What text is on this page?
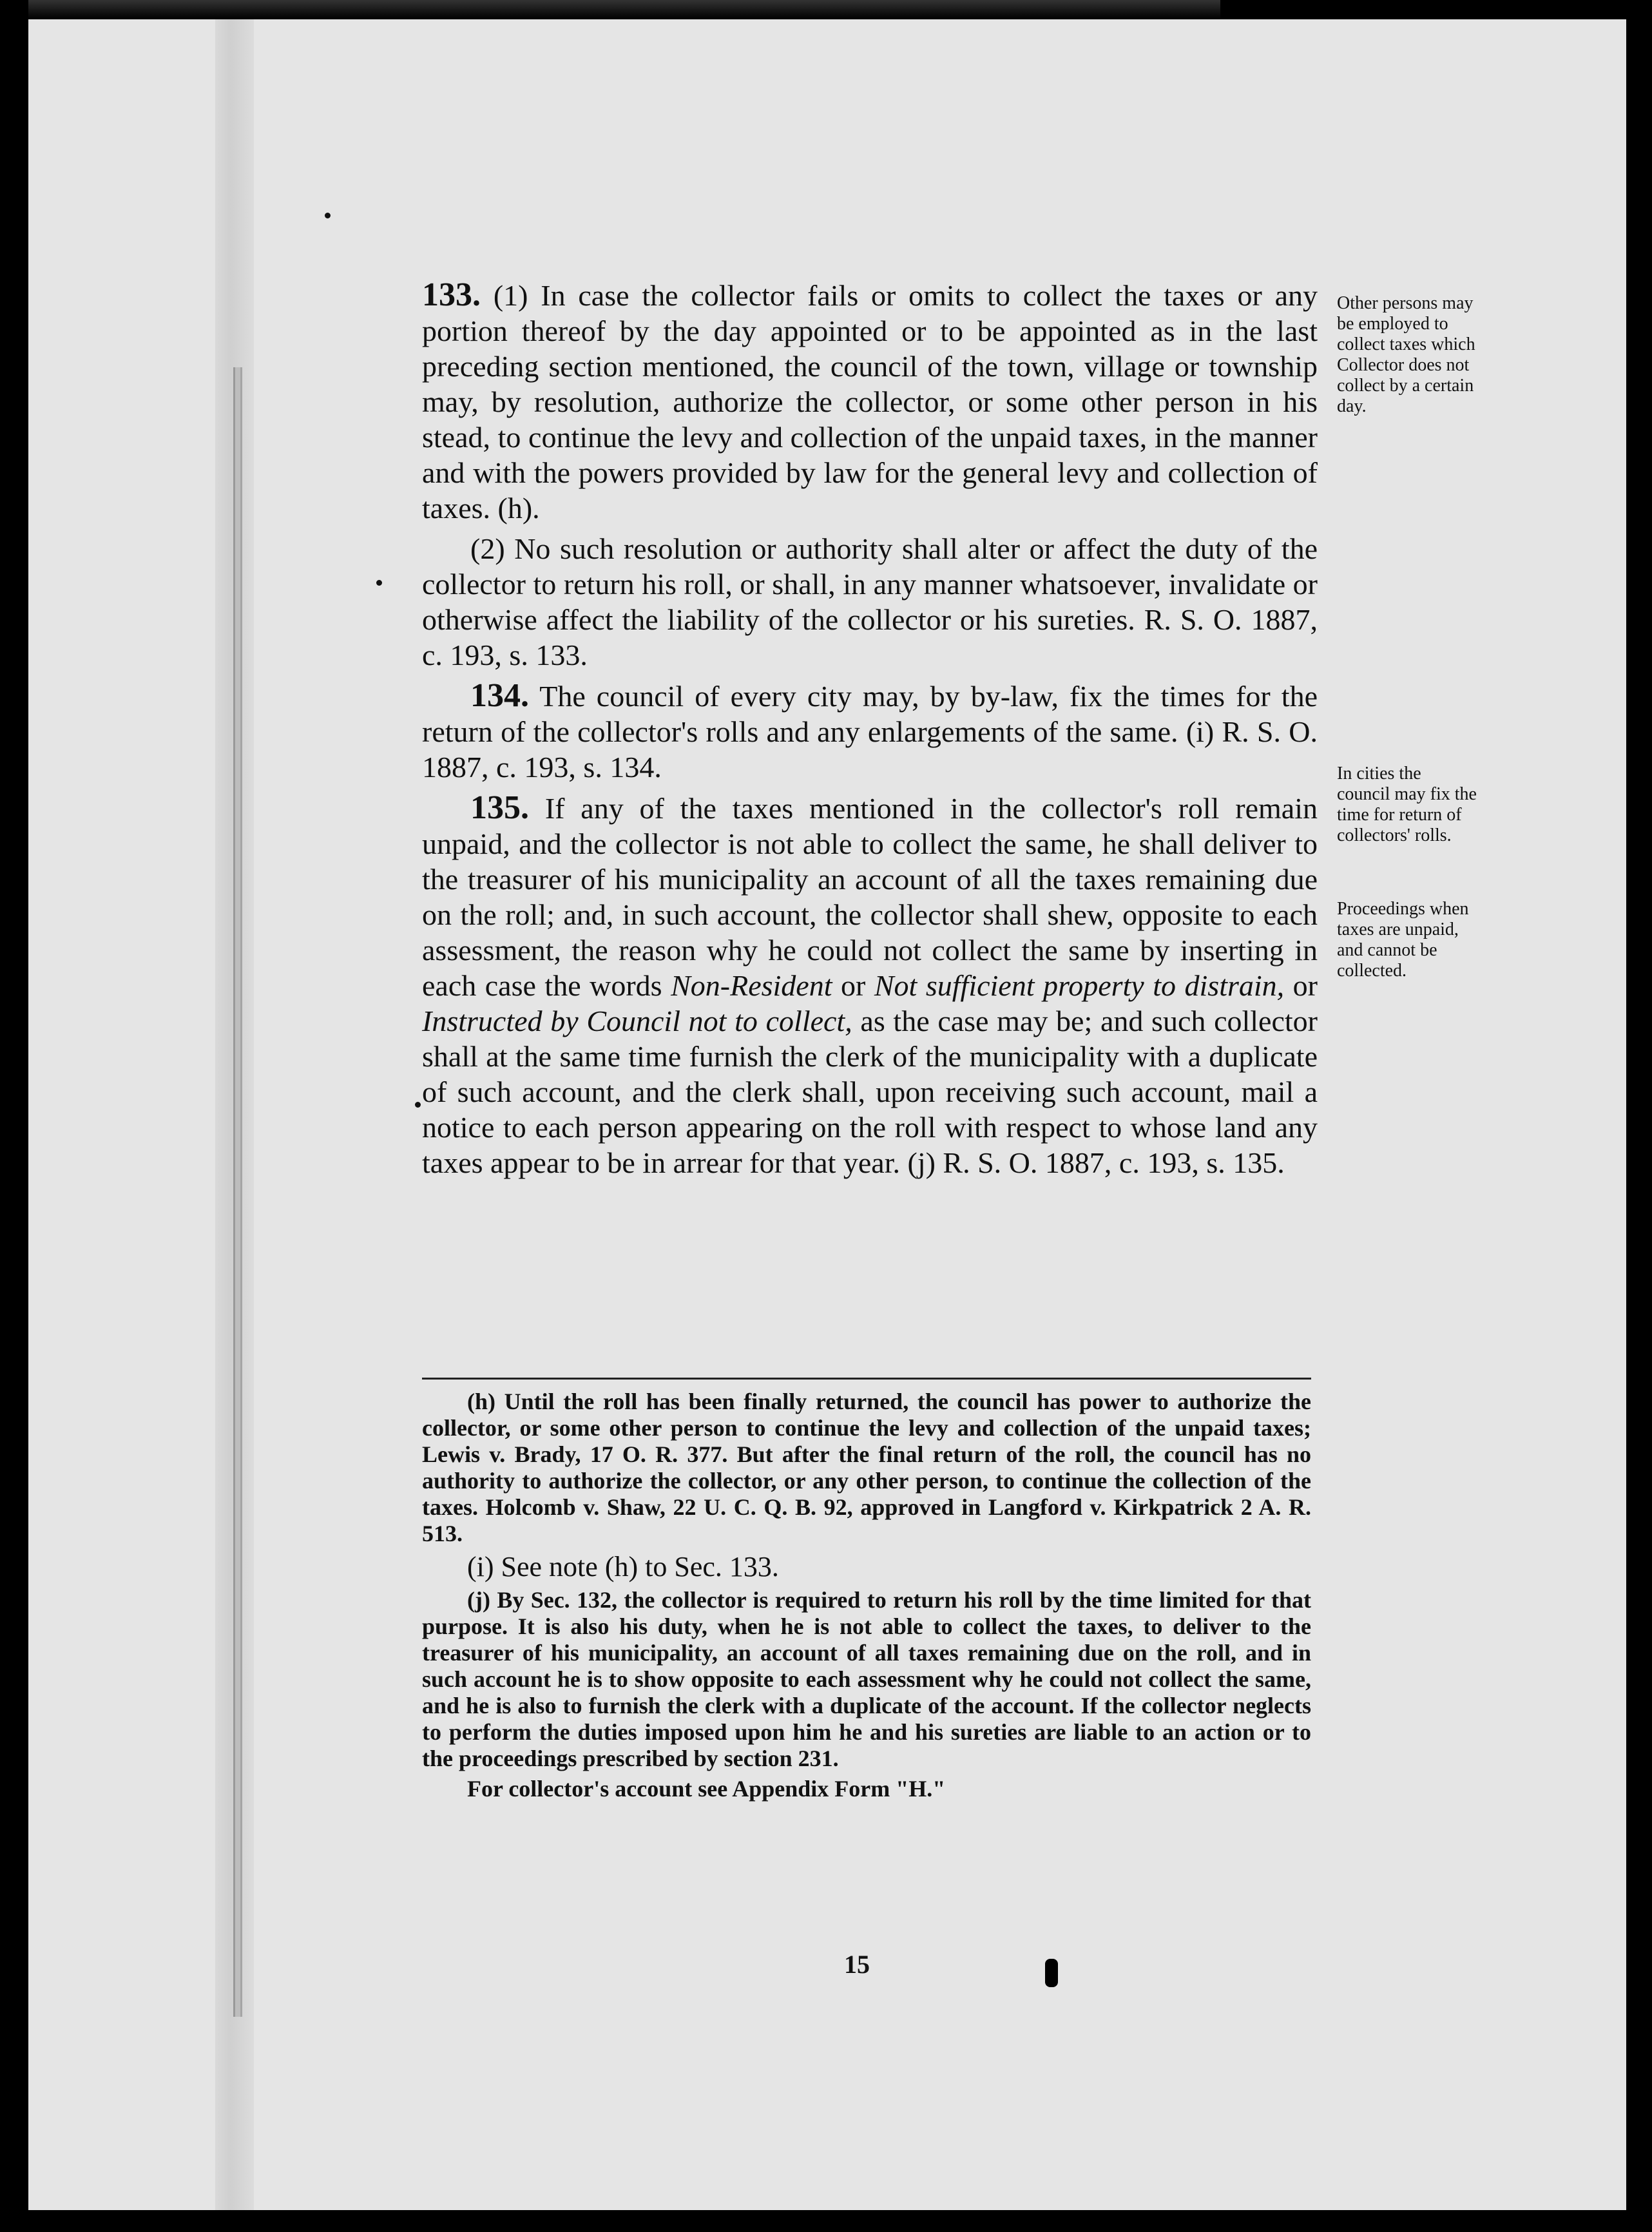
133. (1) In case the collector fails or omits to collect the taxes or any portion thereof by the day appointed or to be appointed as in the last preceding section mentioned, the council of the town, village or township may, by resolution, authorize the collector, or some other person in his stead, to continue the levy and collection of the unpaid taxes, in the manner and with the powers provided by law for the general levy and collection of taxes. (h).

(2) No such resolution or authority shall alter or affect the duty of the collector to return his roll, or shall, in any manner whatsoever, invalidate or otherwise affect the liability of the collector or his sureties. R. S. O. 1887, c. 193, s. 133.

134. The council of every city may, by by-law, fix the times for the return of the collector's rolls and any enlargements of the same. (i) R. S. O. 1887, c. 193, s. 134.

135. If any of the taxes mentioned in the collector's roll remain unpaid, and the collector is not able to collect the same, he shall deliver to the treasurer of his municipality an account of all the taxes remaining due on the roll; and, in such account, the collector shall shew, opposite to each assessment, the reason why he could not collect the same by inserting in each case the words Non-Resident or Not sufficient property to distrain, or Instructed by Council not to collect, as the case may be; and such collector shall at the same time furnish the clerk of the municipality with a duplicate of such account, and the clerk shall, upon receiving such account, mail a notice to each person appearing on the roll with respect to whose land any taxes appear to be in arrear for that year. (j) R. S. O. 1887, c. 193, s. 135.

Other persons may be employed to collect taxes which Collector does not collect by a certain day.
In cities the council may fix the time for return of collectors' rolls.
Proceedings when taxes are unpaid, and cannot be collected.

(h) Until the roll has been finally returned, the council has power to authorize the collector, or some other person to continue the levy and collection of the unpaid taxes; Lewis v. Brady, 17 O. R. 377. But after the final return of the roll, the council has no authority to authorize the collector, or any other person, to continue the collection of the taxes. Holcomb v. Shaw, 22 U. C. Q. B. 92, approved in Langford v. Kirkpatrick 2 A. R. 513.

(i) See note (h) to Sec. 133.

(j) By Sec. 132, the collector is required to return his roll by the time limited for that purpose. It is also his duty, when he is not able to collect the taxes, to deliver to the treasurer of his municipality, an account of all taxes remaining due on the roll, and in such account he is to show opposite to each assessment why he could not collect the same, and he is also to furnish the clerk with a duplicate of the account. If the collector neglects to perform the duties imposed upon him he and his sureties are liable to an action or to the proceedings prescribed by section 231.

For collector's account see Appendix Form "H."

15
